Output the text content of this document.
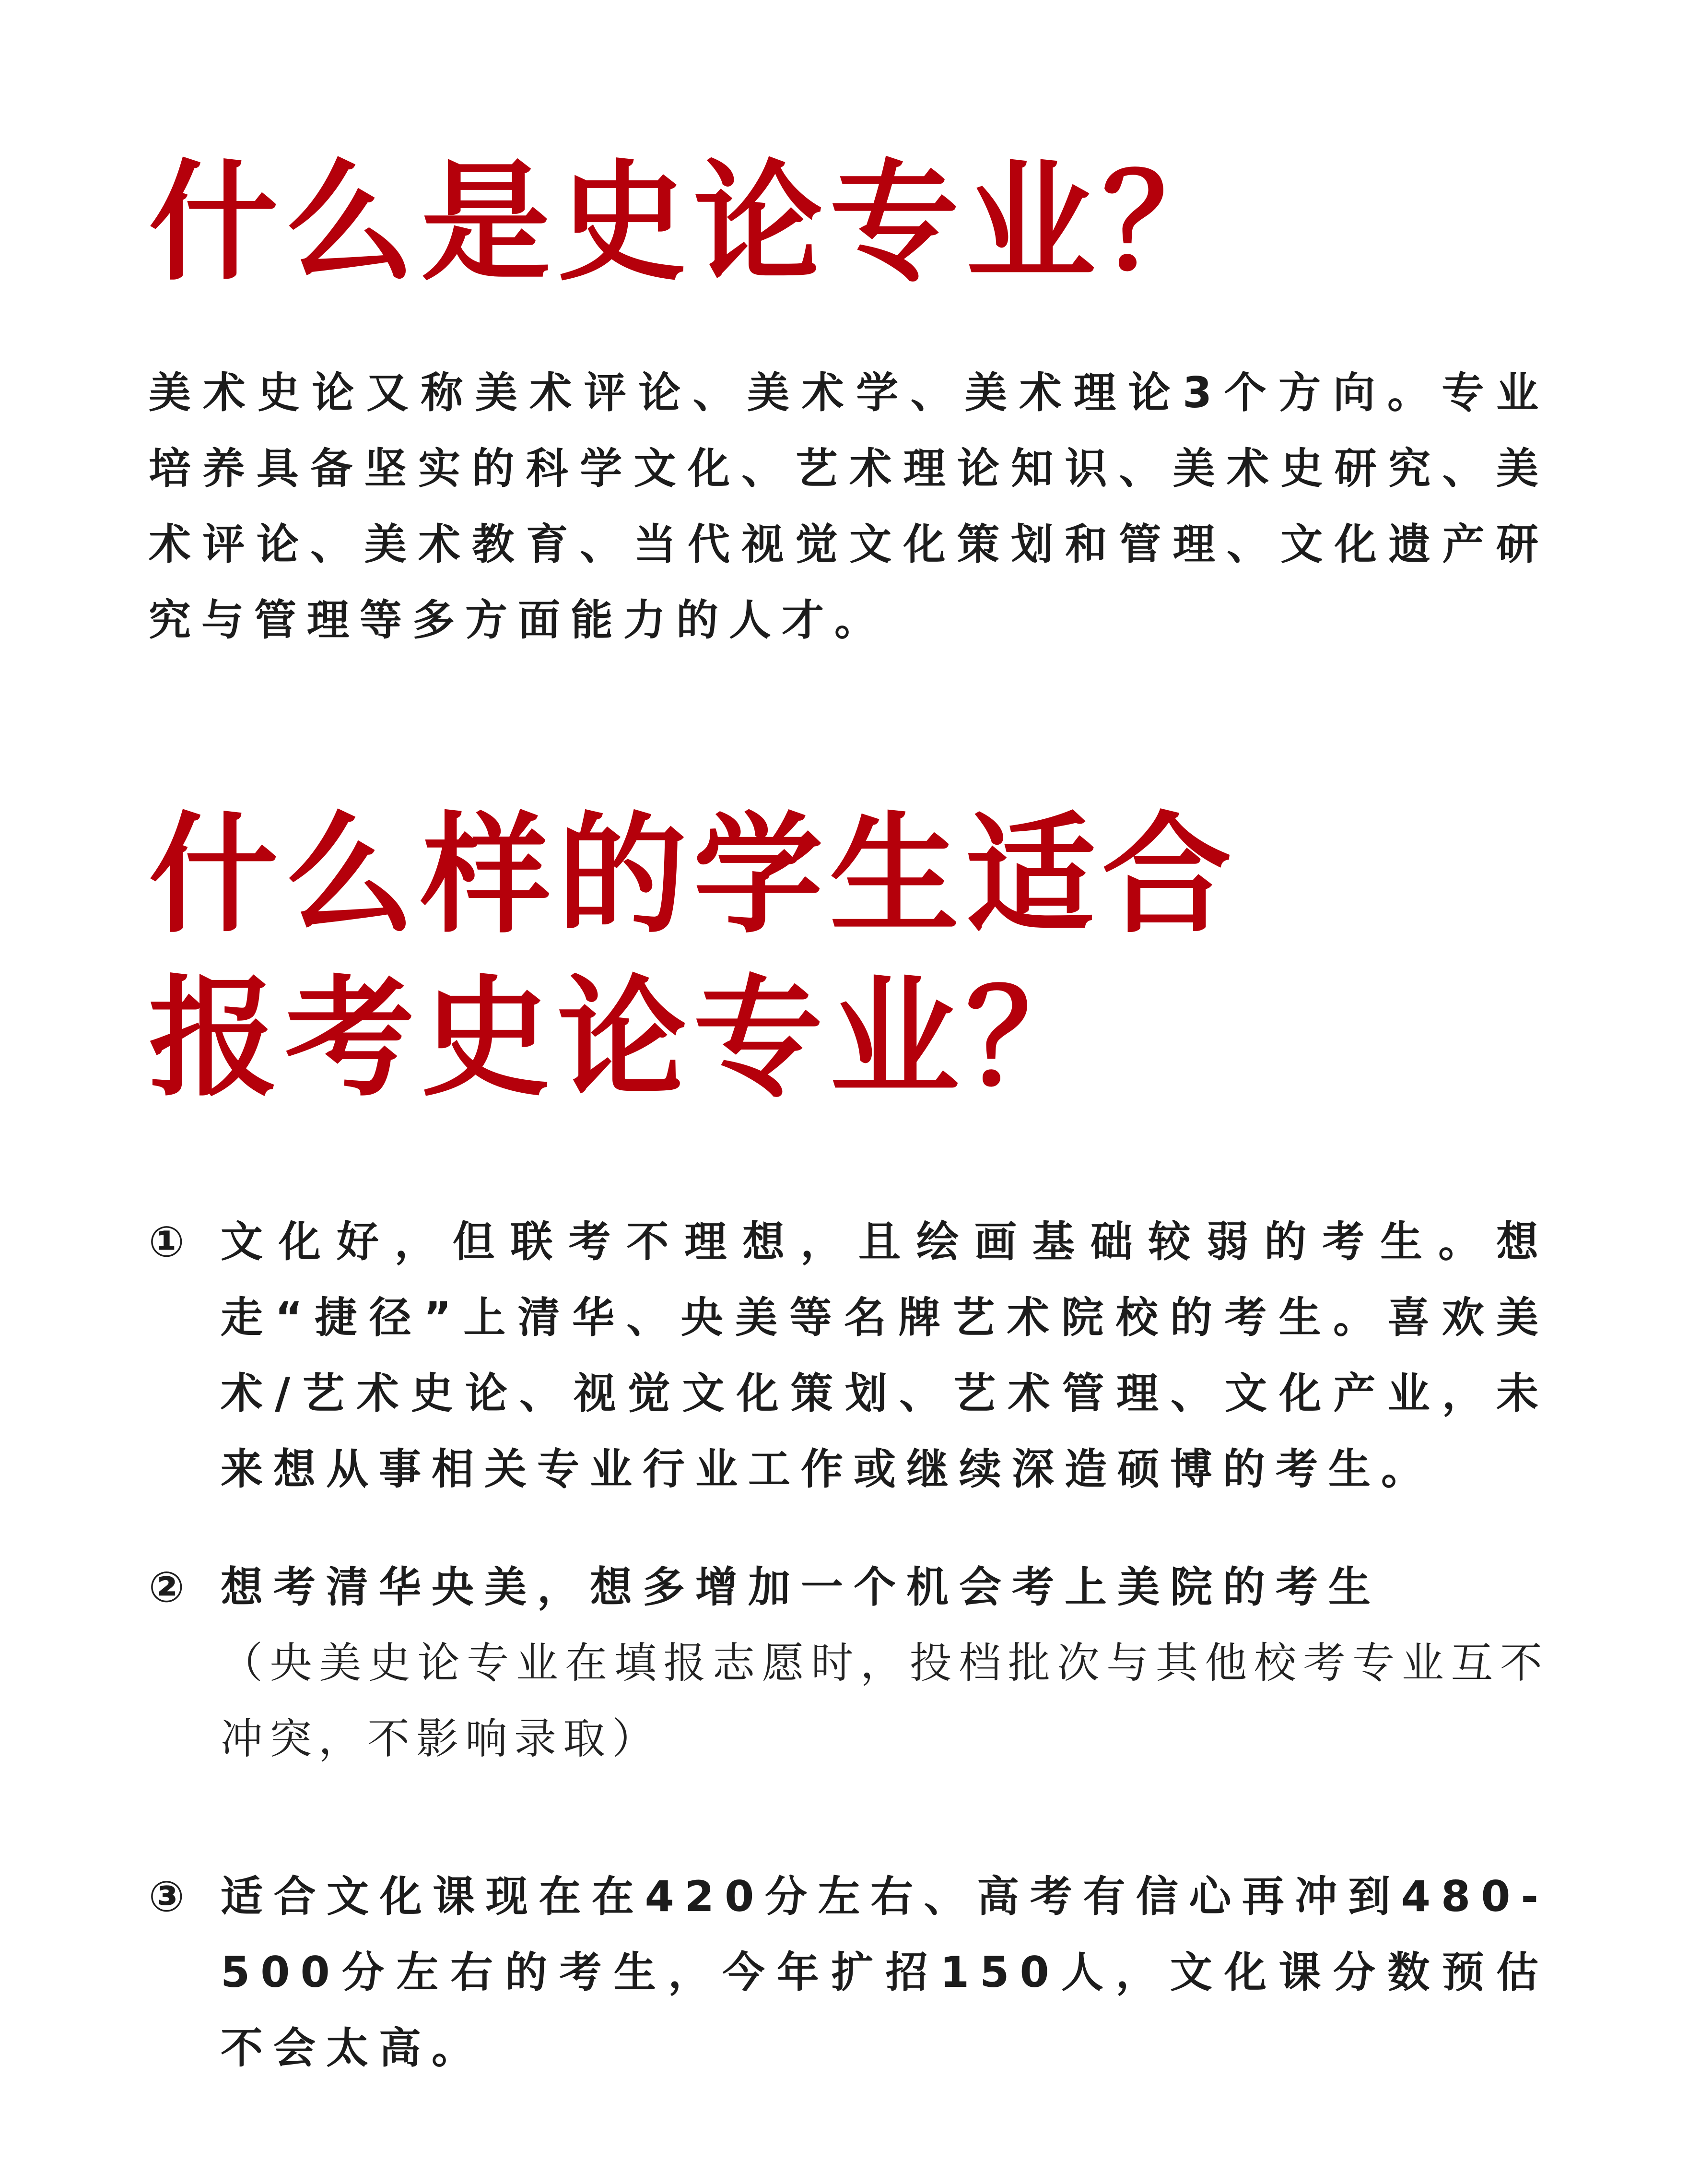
什么是史论专业？

美术史论又称美术评论、美术学、美术理论3个方向。专业培养具备坚实的科学文化、艺术理论知识、美术史研究、美术评论、美术教育、当代视觉文化策划和管理、文化遗产研究与管理等多方面能力的人才。

什么样的学生适合
报考史论专业？
① 文化好，但联考不理想，且绘画基础较弱的考生。想走“捷径”上清华、央美等名牌艺术院校的考生。喜欢美术/艺术史论、视觉文化策划、艺术管理、文化产业，未来想从事相关专业行业工作或继续深造硕博的考生。
② 想考清华央美，想多增加一个机会考上美院的考生
（央美史论专业在填报志愿时，投档批次与其他校考专业互不冲突，不影响录取）
③ 适合文化课现在在420分左右、高考有信心再冲到480-500分左右的考生，今年扩招150人，文化课分数预估不会太高。
